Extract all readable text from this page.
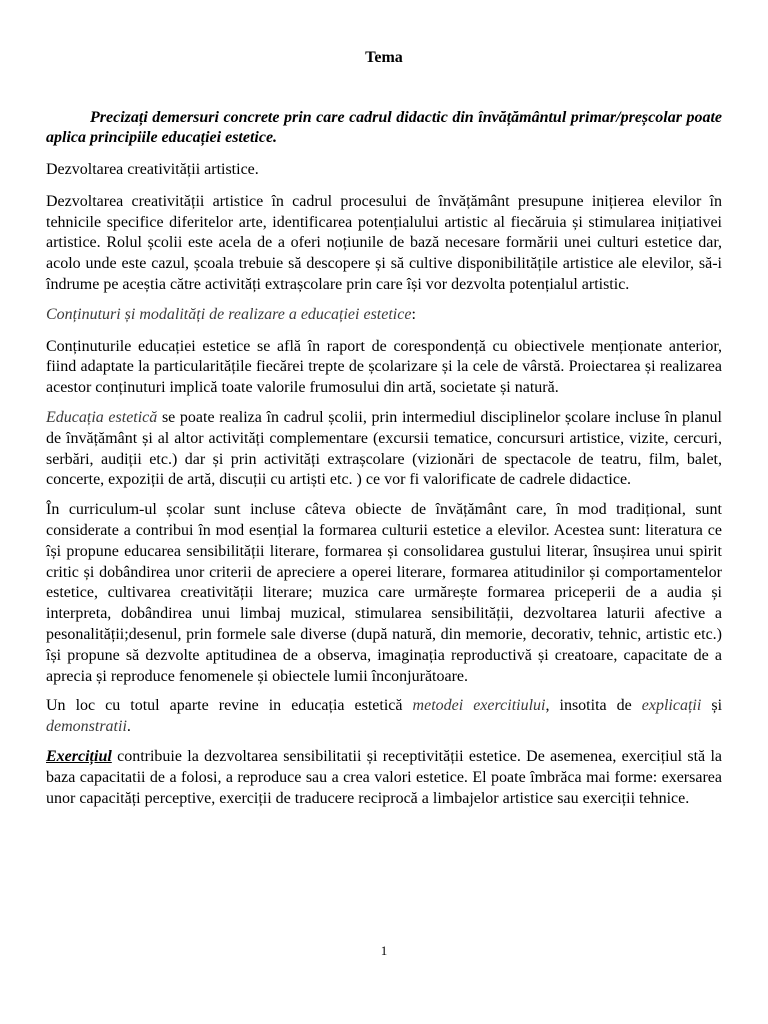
Tema

Precizați demersuri concrete prin care cadrul didactic din învățământul primar/preșcolar poate aplica principiile educației estetice.

Dezvoltarea creativității artistice.

Dezvoltarea creativității artistice în cadrul procesului de învățământ presupune inițierea elevilor în tehnicile specifice diferitelor arte, identificarea potențialului artistic al fiecăruia și stimularea inițiativei artistice. Rolul școlii este acela de a oferi noțiunile de bază necesare formării unei culturi estetice dar, acolo unde este cazul, școala trebuie să descopere și să cultive disponibilitățile artistice ale elevilor, să-i îndrume pe aceștia către activități extrașcolare prin care își vor dezvolta potențialul artistic.

Conținuturi și modalități de realizare a educației estetice:

Conținuturile educației estetice se află în raport de corespondență cu obiectivele menționate anterior, fiind adaptate la particularitățile fiecărei trepte de școlarizare și la cele de vârstă. Proiectarea și realizarea acestor conținuturi implică toate valorile frumosului din artă, societate și natură.

Educația estetică se poate realiza în cadrul școlii, prin intermediul disciplinelor școlare incluse în planul de învățământ și al altor activități complementare (excursii tematice, concursuri artistice, vizite, cercuri, serbări, audiții etc.) dar și prin activități extrașcolare (vizionări de spectacole de teatru, film, balet, concerte, expoziții de artă, discuții cu artiști etc. ) ce vor fi valorificate de cadrele didactice.

În curriculum-ul școlar sunt incluse câteva obiecte de învățământ care, în mod tradițional, sunt considerate a contribui în mod esențial la formarea culturii estetice a elevilor. Acestea sunt: literatura ce își propune educarea sensibilității literare, formarea și consolidarea gustului literar, însușirea unui spirit critic și dobândirea unor criterii de apreciere a operei literare, formarea atitudinilor și comportamentelor estetice, cultivarea creativității literare; muzica care urmărește formarea priceperii de a audia și interpreta, dobândirea unui limbaj muzical, stimularea sensibilității, dezvoltarea laturii afective a pesonalității;desenul, prin formele sale diverse (după natură, din memorie, decorativ, tehnic, artistic etc.) își propune să dezvolte aptitudinea de a observa, imaginația reproductivă și creatoare, capacitate de a aprecia și reproduce fenomenele și obiectele lumii înconjurătoare.

Un loc cu totul aparte revine in educația estetică metodei exercitiului, insotita de explicații și demonstratii.

Exercițiul contribuie la dezvoltarea sensibilitatii și receptivității estetice. De asemenea, exercițiul stă la baza capacitatii de a folosi, a reproduce sau a crea valori estetice. El poate îmbrăca mai forme: exersarea unor capacități perceptive, exerciții de traducere reciprocă a limbajelor artistice sau exerciții tehnice.

1
